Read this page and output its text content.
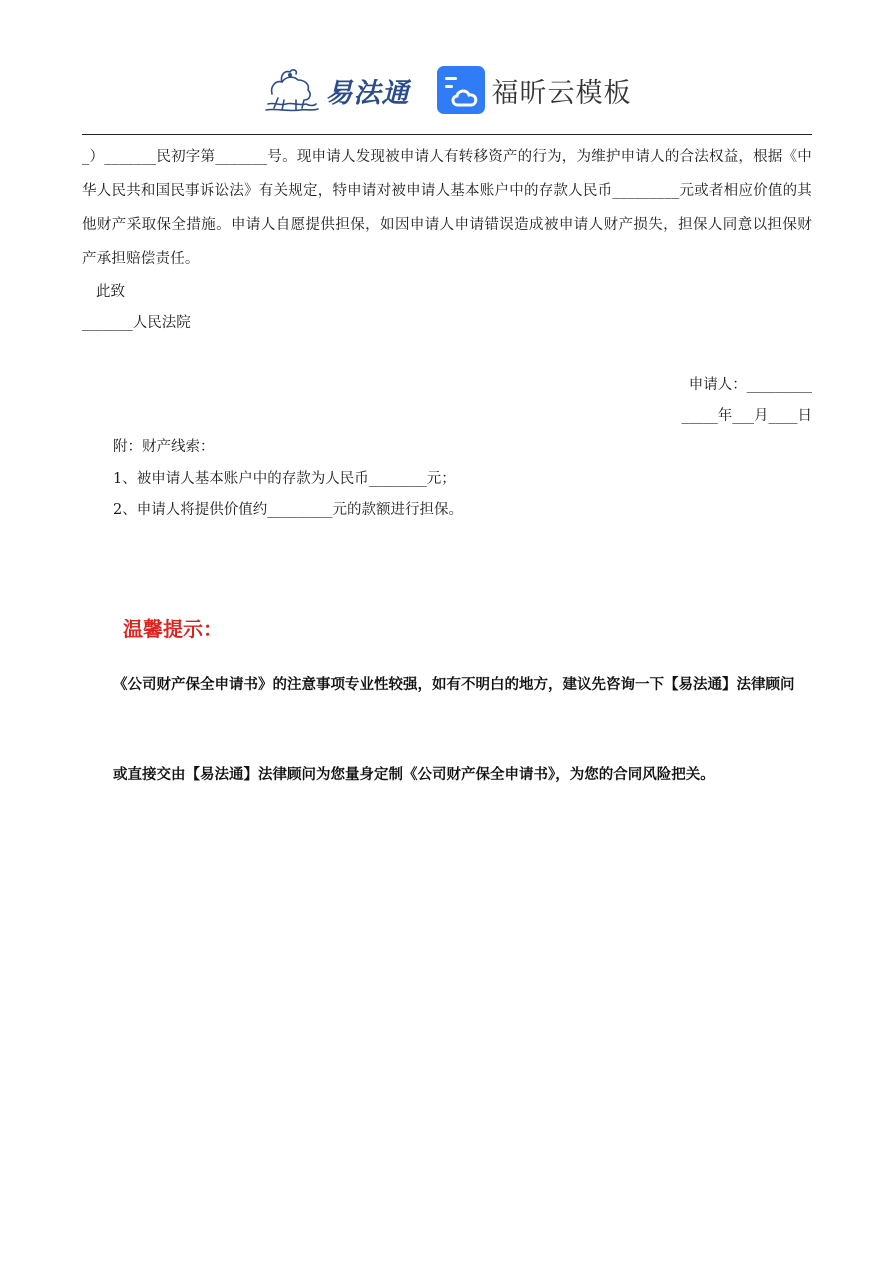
易法通	福昕云模板
_）_______民初字第_______号。现申请人发现被申请人有转移资产的行为，为维护申请人的合法权益，根据《中华人民共和国民事诉讼法》有关规定，特申请对被申请人基本账户中的存款人民币_________元或者相应价值的其他财产采取保全措施。申请人自愿提供担保，如因申请人申请错误造成被申请人财产损失，担保人同意以担保财产承担赔偿责任。
此致
_______人民法院
申请人：_________
_____年___月____日
附：财产线索：
1、被申请人基本账户中的存款为人民币________元；
2、申请人将提供价值约_________元的款额进行担保。
温馨提示：
《公司财产保全申请书》的注意事项专业性较强，如有不明白的地方，建议先咨询一下【易法通】法律顾问
或直接交由【易法通】法律顾问为您量身定制《公司财产保全申请书》，为您的合同风险把关。
